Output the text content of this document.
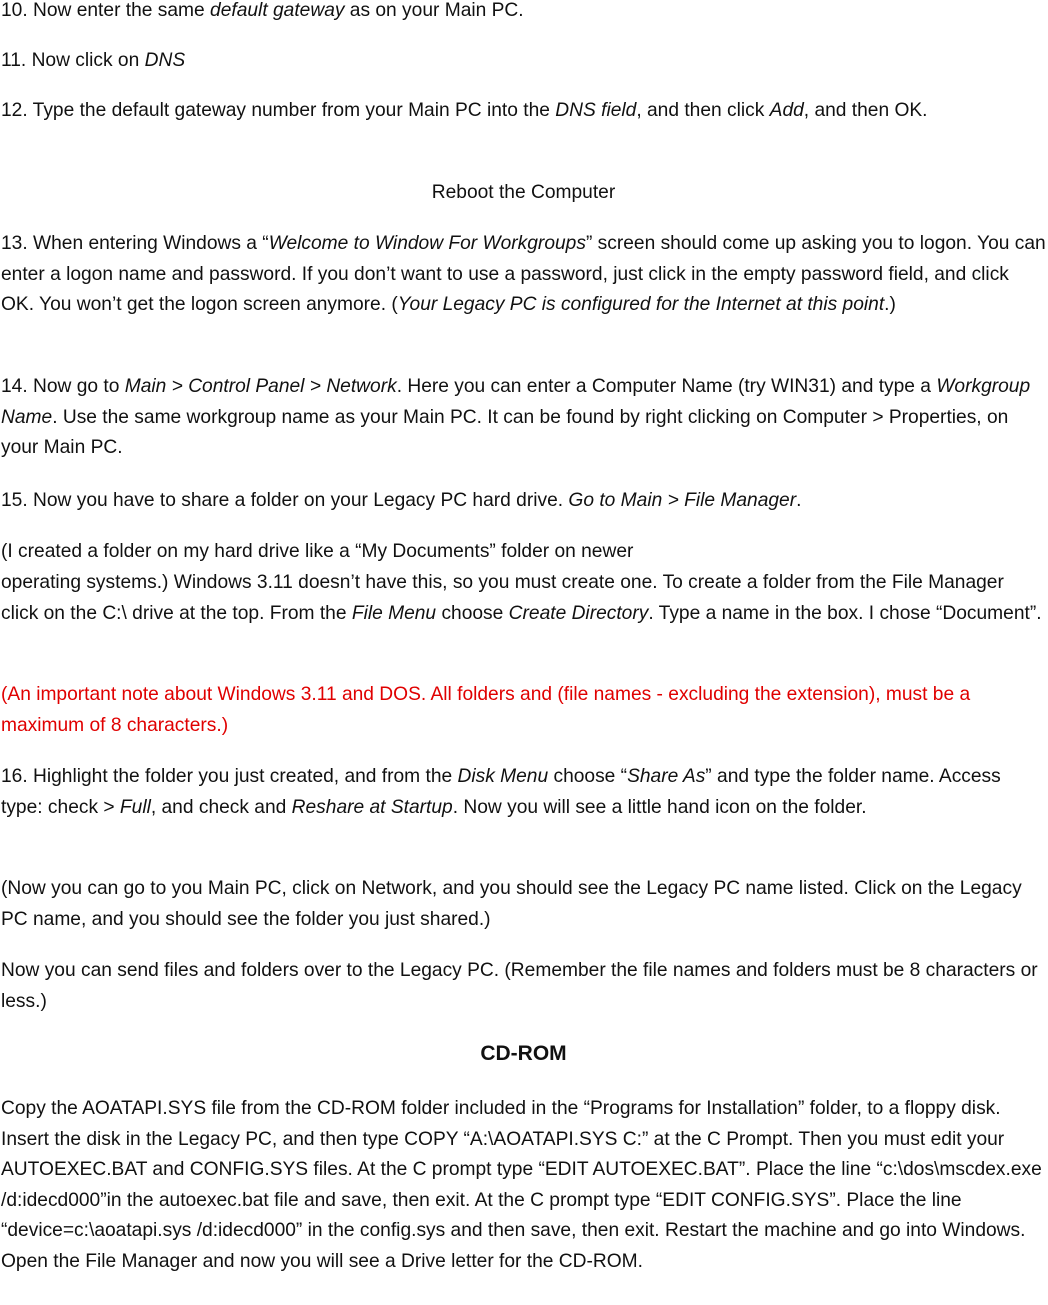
10. Now enter the same default gateway as on your Main PC.

11. Now click on DNS

12. Type the default gateway number from your Main PC into the DNS field, and then click Add, and then OK.

Reboot the Computer

13. When entering Windows a “Welcome to Window For Workgroups” screen should come up asking you to logon. You can enter a logon name and password. If you don’t want to use a password, just click in the empty password field, and click OK. You won’t get the logon screen anymore. (Your Legacy PC is configured for the Internet at this point.)

14. Now go to Main > Control Panel > Network. Here you can enter a Computer Name (try WIN31) and type a Workgroup Name. Use the same workgroup name as your Main PC. It can be found by right clicking on Computer > Properties, on your Main PC.

15. Now you have to share a folder on your Legacy PC hard drive. Go to Main > File Manager.

(I created a folder on my hard drive like a “My Documents” folder on newer

operating systems.) Windows 3.11 doesn’t have this, so you must create one. To create a folder from the File Manager click on the C:\ drive at the top. From the File Menu choose Create Directory. Type a name in the box. I chose “Document”.

(An important note about Windows 3.11 and DOS. All folders and (file names - excluding the extension), must be a maximum of 8 characters.)

16. Highlight the folder you just created, and from the Disk Menu choose “Share As” and type the folder name. Access type: check > Full, and check and Reshare at Startup. Now you will see a little hand icon on the folder.

(Now you can go to you Main PC, click on Network, and you should see the Legacy PC name listed. Click on the Legacy PC name, and you should see the folder you just shared.)

Now you can send files and folders over to the Legacy PC. (Remember the file names and folders must be 8 characters or less.)

CD-ROM

Copy the AOATAPI.SYS file from the CD-ROM folder included in the “Programs for Installation” folder, to a floppy disk. Insert the disk in the Legacy PC, and then type COPY “A:\AOATAPI.SYS C:” at the C Prompt. Then you must edit your AUTOEXEC.BAT and CONFIG.SYS files. At the C prompt type “EDIT AUTOEXEC.BAT”. Place the line “c:\dos\mscdex.exe /d:idecd000”in the autoexec.bat file and save, then exit. At the C prompt type “EDIT CONFIG.SYS”. Place the line “device=c:\aoatapi.sys /d:idecd000” in the config.sys and then save, then exit. Restart the machine and go into Windows. Open the File Manager and now you will see a Drive letter for the CD-ROM.
